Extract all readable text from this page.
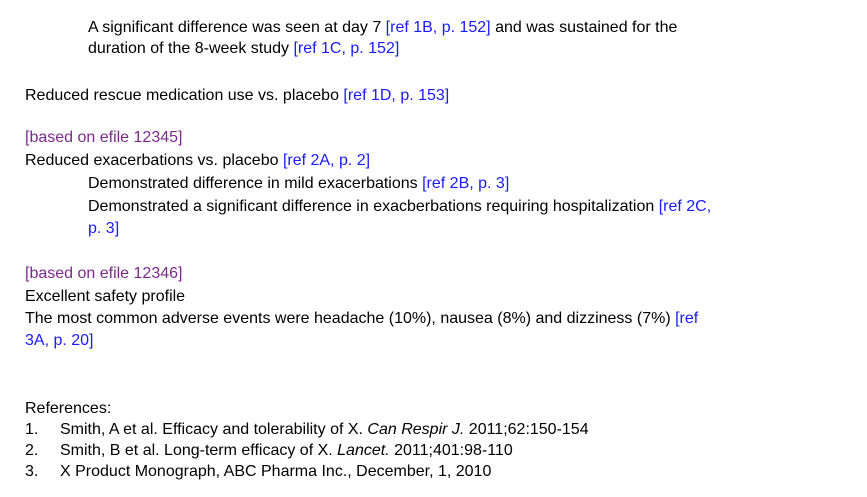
A significant difference was seen at day 7 [ref 1B, p. 152] and was sustained for the
duration of the 8-week study [ref 1C, p. 152]
Reduced rescue medication use vs. placebo [ref 1D, p. 153]
[based on efile 12345]
Reduced exacerbations vs. placebo [ref 2A, p. 2]
Demonstrated difference in mild exacerbations [ref 2B, p. 3]
Demonstrated a significant difference in exacberbations requiring hospitalization [ref 2C,
p. 3]
[based on efile 12346]
Excellent safety profile
The most common adverse events were headache (10%), nausea (8%) and dizziness (7%) [ref
3A, p. 20]
References:
1. Smith, A et al. Efficacy and tolerability of X. Can Respir J. 2011;62:150-154
2. Smith, B et al. Long-term efficacy of X. Lancet. 2011;401:98-110
3. X Product Monograph, ABC Pharma Inc., December, 1, 2010
